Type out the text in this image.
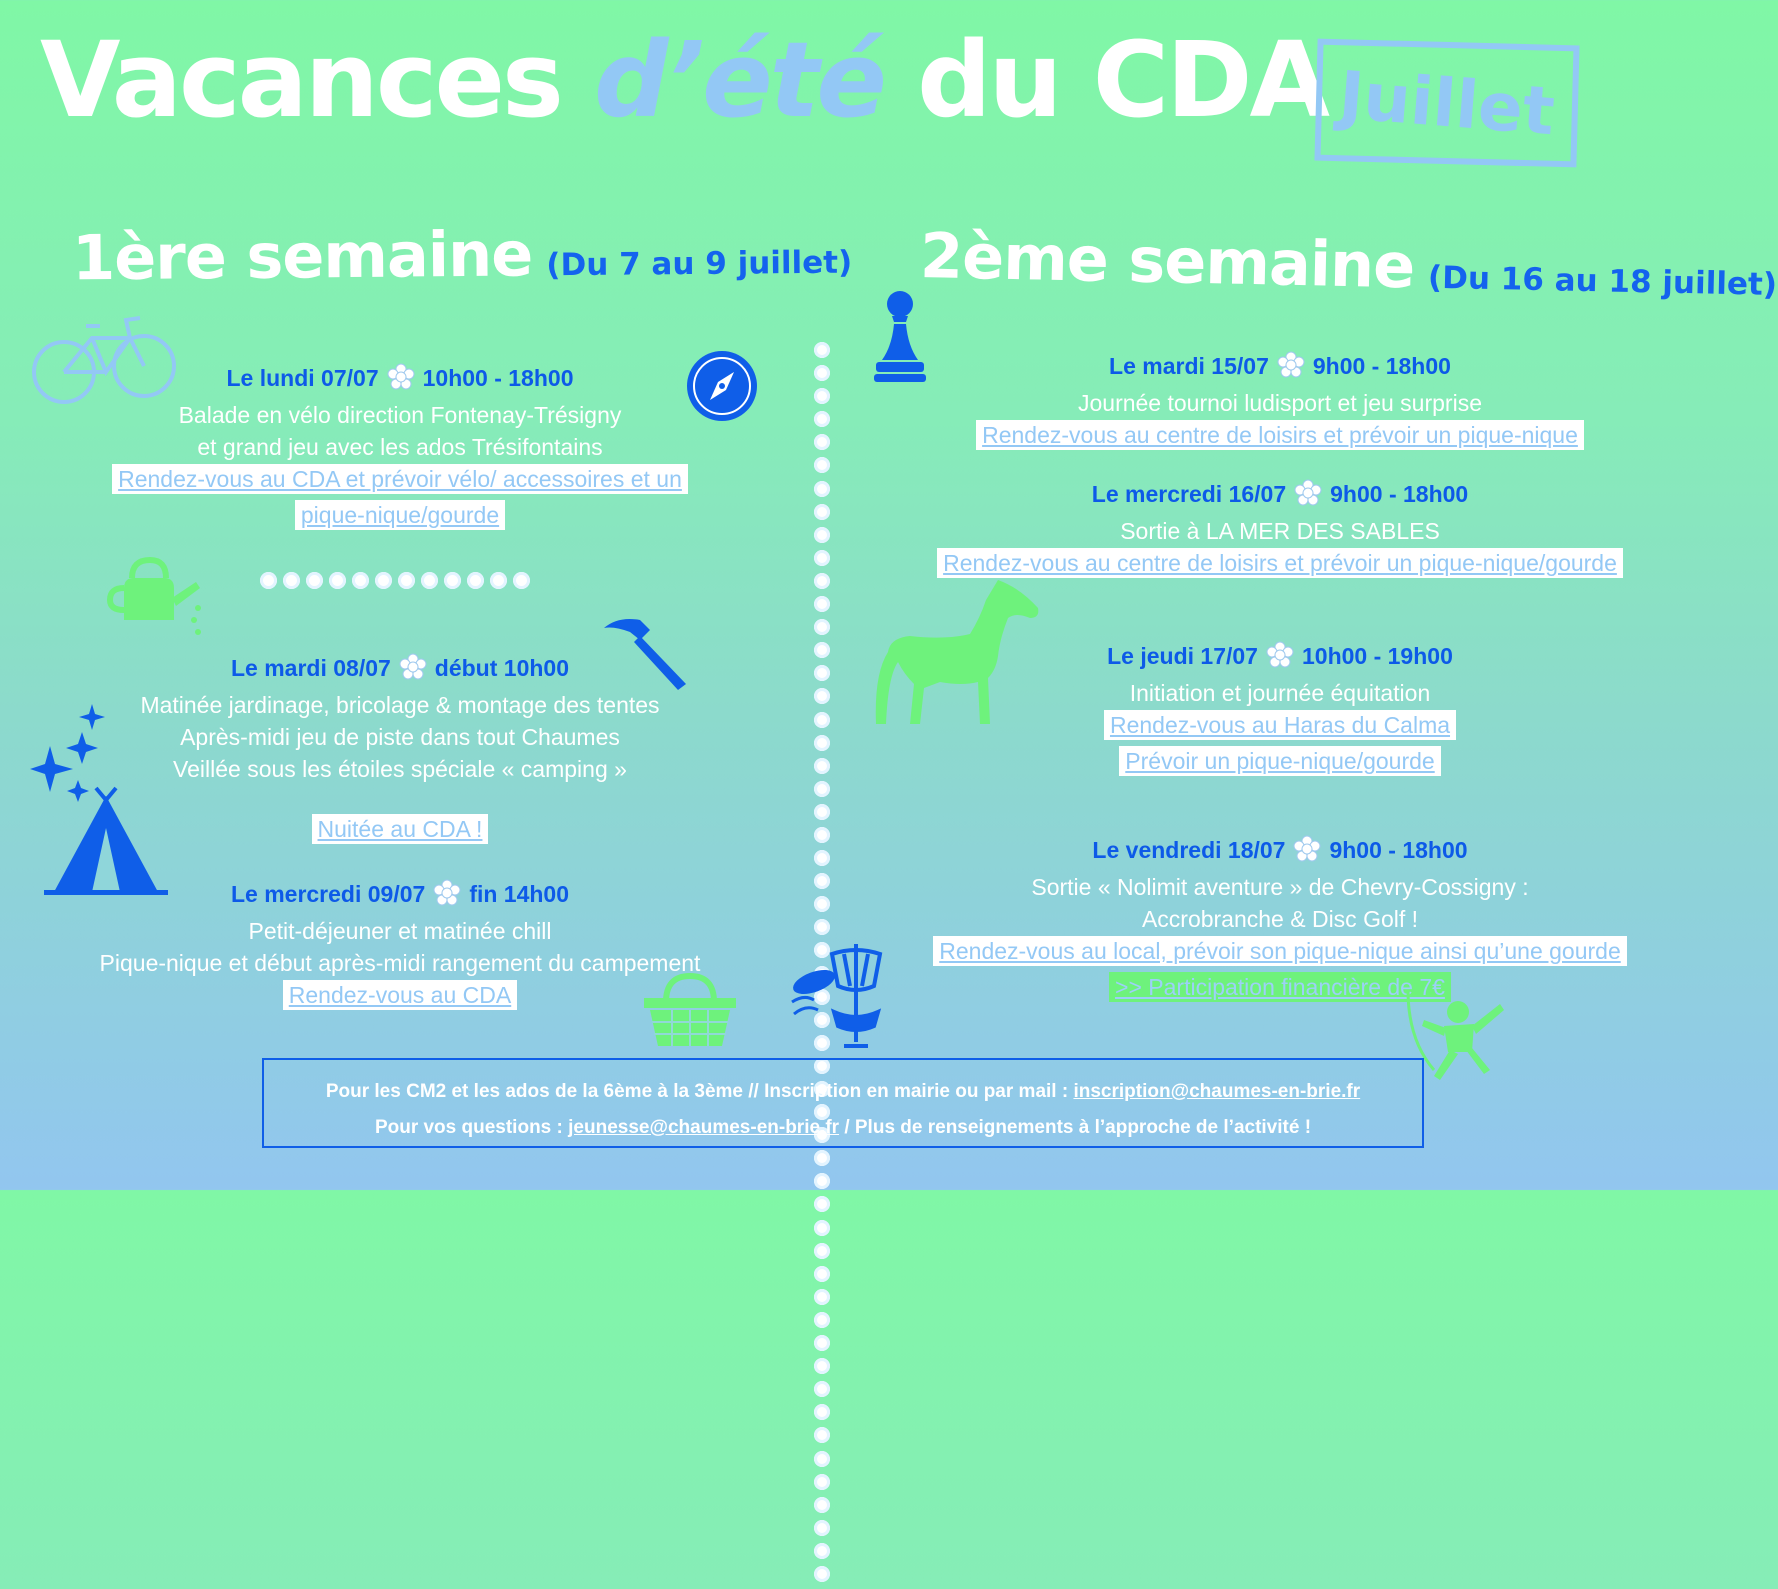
Vacances d’été du CDA Juillet
1ère semaine (Du 7 au 9 juillet) 2ème semaine (Du 16 au 18 juillet)
Le lundi 07/07 10h00 - 18h00
Balade en vélo direction Fontenay-Trésigny
et grand jeu avec les ados Trésifontains
Rendez-vous au CDA et prévoir vélo/ accessoires et un
pique-nique/gourde
Le mardi 08/07 début 10h00
Matinée jardinage, bricolage & montage des tentes
Après-midi jeu de piste dans tout Chaumes
Veillée sous les étoiles spéciale « camping »
Nuitée au CDA !
Le mercredi 09/07 fin 14h00
Petit-déjeuner et matinée chill
Pique-nique et début après-midi rangement du campement
Rendez-vous au CDA
Le mardi 15/07 9h00 - 18h00
Journée tournoi ludisport et jeu surprise
Rendez-vous au centre de loisirs et prévoir un pique-nique
Le mercredi 16/07 9h00 - 18h00
Sortie à LA MER DES SABLES
Rendez-vous au centre de loisirs et prévoir un pique-nique/gourde
Le jeudi 17/07 10h00 - 19h00
Initiation et journée équitation
Rendez-vous au Haras du Calma
Prévoir un pique-nique/gourde
Le vendredi 18/07 9h00 - 18h00
Sortie « Nolimit aventure » de Chevry-Cossigny :
Accrobranche & Disc Golf !
Rendez-vous au local, prévoir son pique-nique ainsi qu’une gourde
>> Participation financière de 7€

Pour les CM2 et les ados de la 6ème à la 3ème // Inscription en mairie ou par mail : inscription@chaumes-en-brie.fr

Pour vos questions : jeunesse@chaumes-en-brie.fr / Plus de renseignements à l’approche de l’activité !
